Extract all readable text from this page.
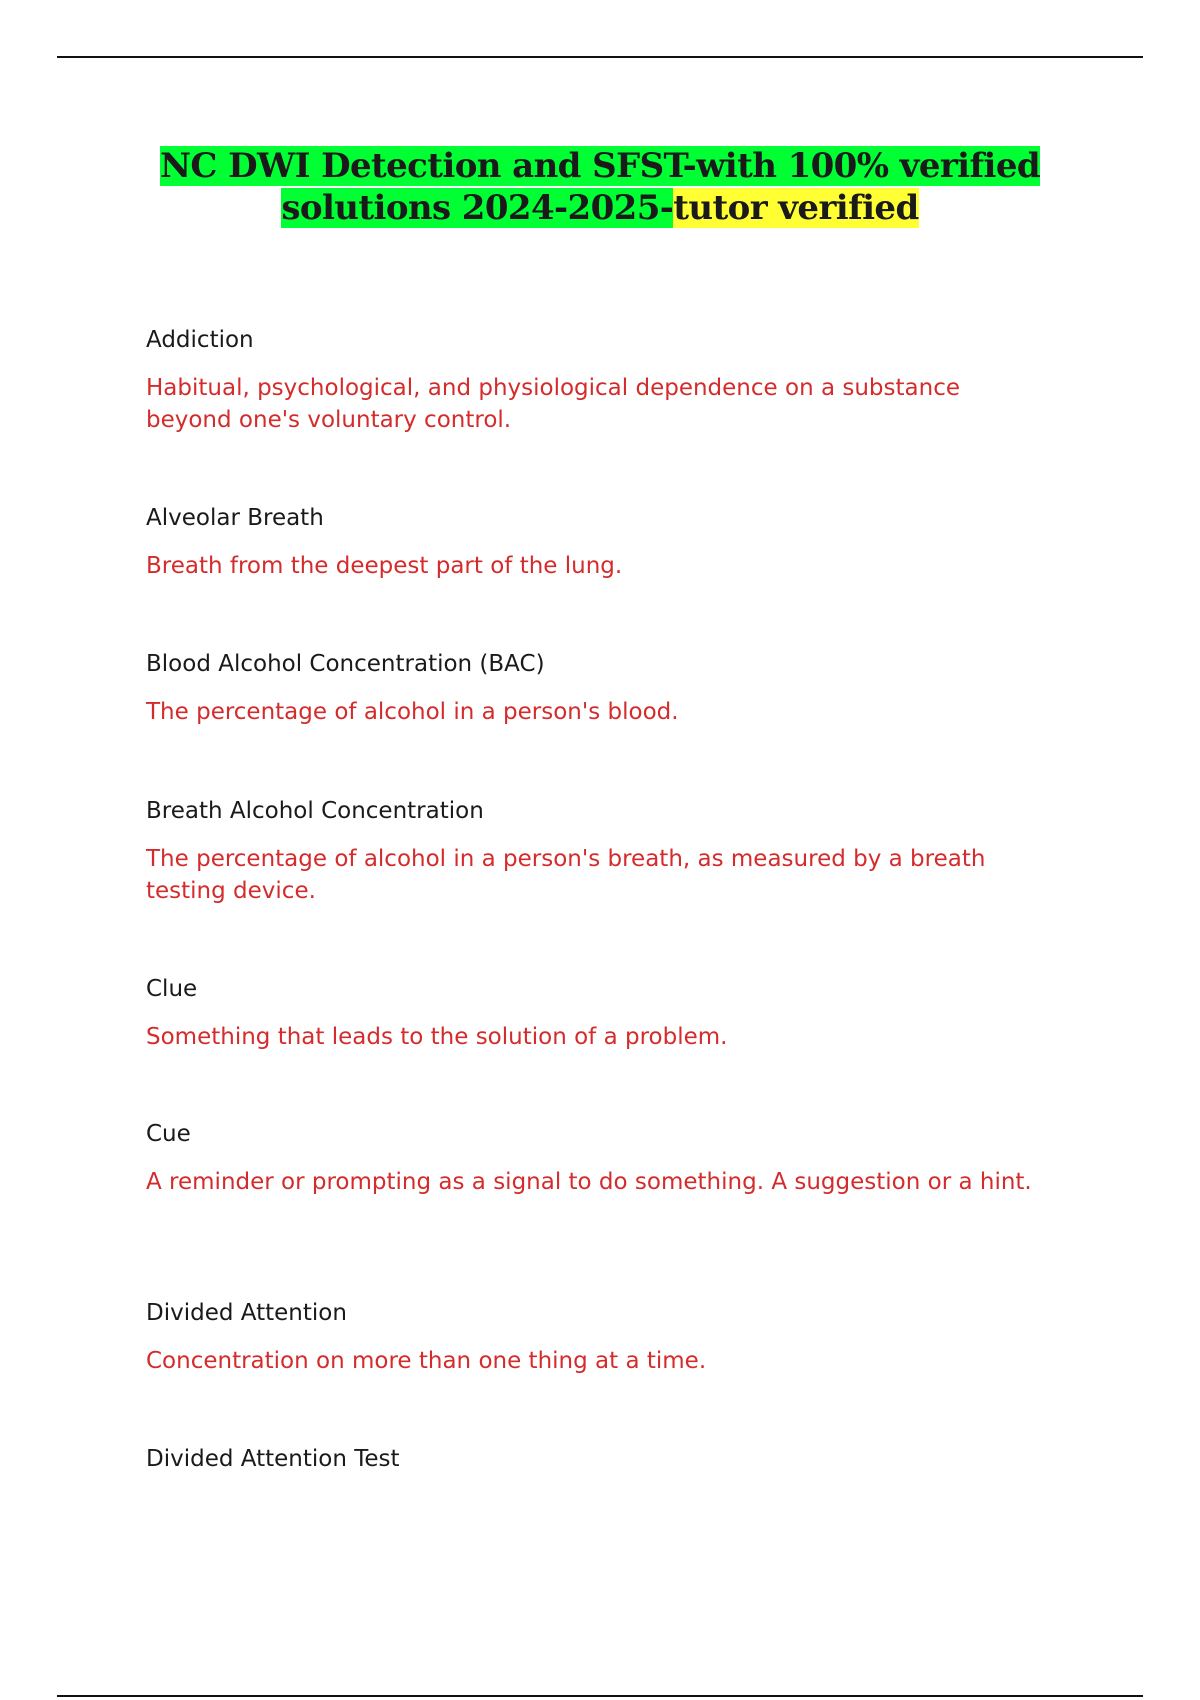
NC DWI Detection and SFST-with 100% verified
solutions 2024-2025-tutor verified

Addiction

Habitual, psychological, and physiological dependence on a substance beyond one's voluntary control.

Alveolar Breath

Breath from the deepest part of the lung.

Blood Alcohol Concentration (BAC)

The percentage of alcohol in a person's blood.

Breath Alcohol Concentration

The percentage of alcohol in a person's breath, as measured by a breath testing device.

Clue

Something that leads to the solution of a problem.

Cue

A reminder or prompting as a signal to do something. A suggestion or a hint.

Divided Attention

Concentration on more than one thing at a time.

Divided Attention Test
